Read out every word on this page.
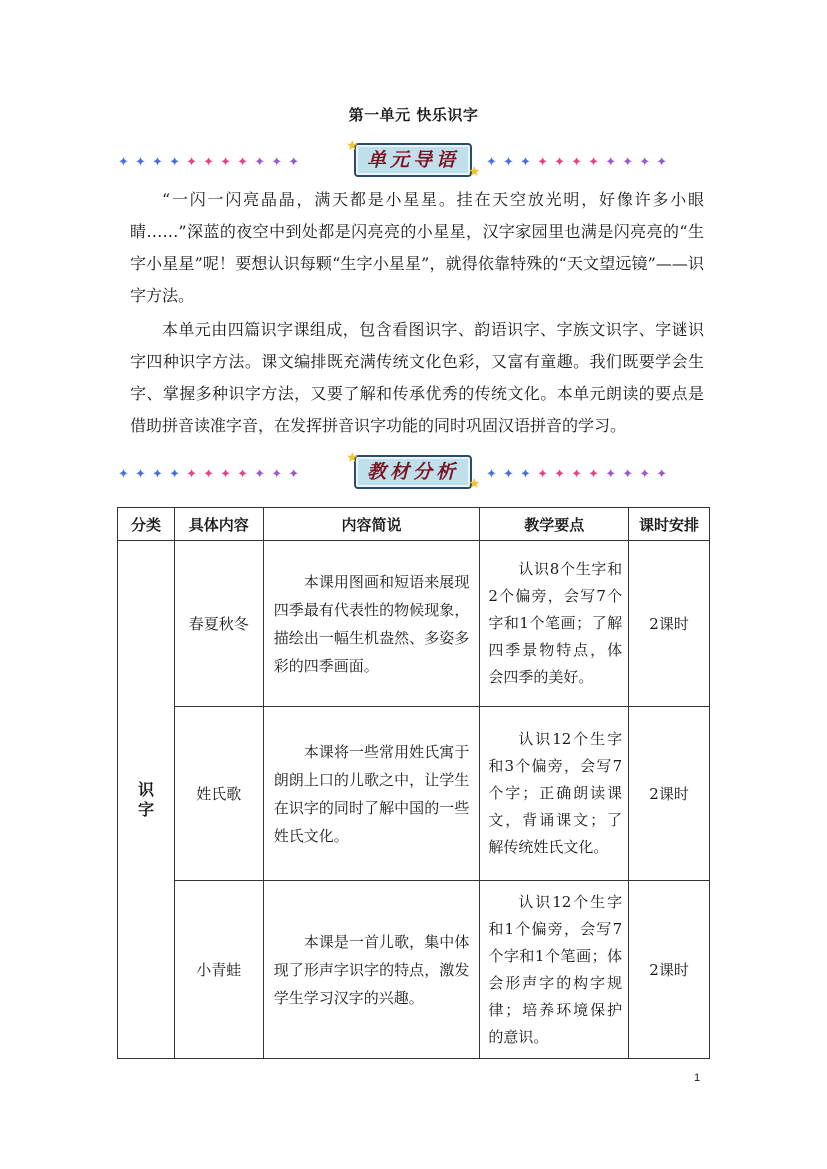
第一单元 快乐识字
✦ ✦ ✦ ✦ ✦ ✦ ✦ ✦ ✦ ✦ ✦	单元导语
★
★
✦ ✦ ✦ ✦ ✦ ✦ ✦ ✦ ✦ ✦ ✦
“一闪一闪亮晶晶，满天都是小星星。挂在天空放光明，好像许多小眼睛……”深蓝的夜空中到处都是闪亮亮的小星星，汉字家园里也满是闪亮亮的“生字小星星”呢！要想认识每颗“生字小星星”，就得依靠特殊的“天文望远镜”——识字方法。
本单元由四篇识字课组成，包含看图识字、韵语识字、字族文识字、字谜识字四种识字方法。课文编排既充满传统文化色彩，又富有童趣。我们既要学会生字、掌握多种识字方法，又要了解和传承优秀的传统文化。本单元朗读的要点是借助拼音读准字音，在发挥拼音识字功能的同时巩固汉语拼音的学习。
✦ ✦ ✦ ✦ ✦ ✦ ✦ ✦ ✦ ✦ ✦	教材分析
★
★
✦ ✦ ✦ ✦ ✦ ✦ ✦ ✦ ✦ ✦ ✦
分类	具体内容	内容简说	教学要点	课时安排
识
字	春夏秋冬	本课用图画和短语来展现四季最有代表性的物候现象，描绘出一幅生机盎然、多姿多彩的四季画面。	认识8个生字和2个偏旁，会写7个字和1个笔画；了解四季景物特点，体会四季的美好。	2课时
	姓氏歌	本课将一些常用姓氏寓于朗朗上口的儿歌之中，让学生在识字的同时了解中国的一些姓氏文化。	认识12个生字和3个偏旁，会写7个字；正确朗读课文，背诵课文；了解传统姓氏文化。	2课时
	小青蛙	本课是一首儿歌，集中体现了形声字识字的特点，激发学生学习汉字的兴趣。	认识12个生字和1个偏旁，会写7个字和1个笔画；体会形声字的构字规律；培养环境保护的意识。	2课时
1
